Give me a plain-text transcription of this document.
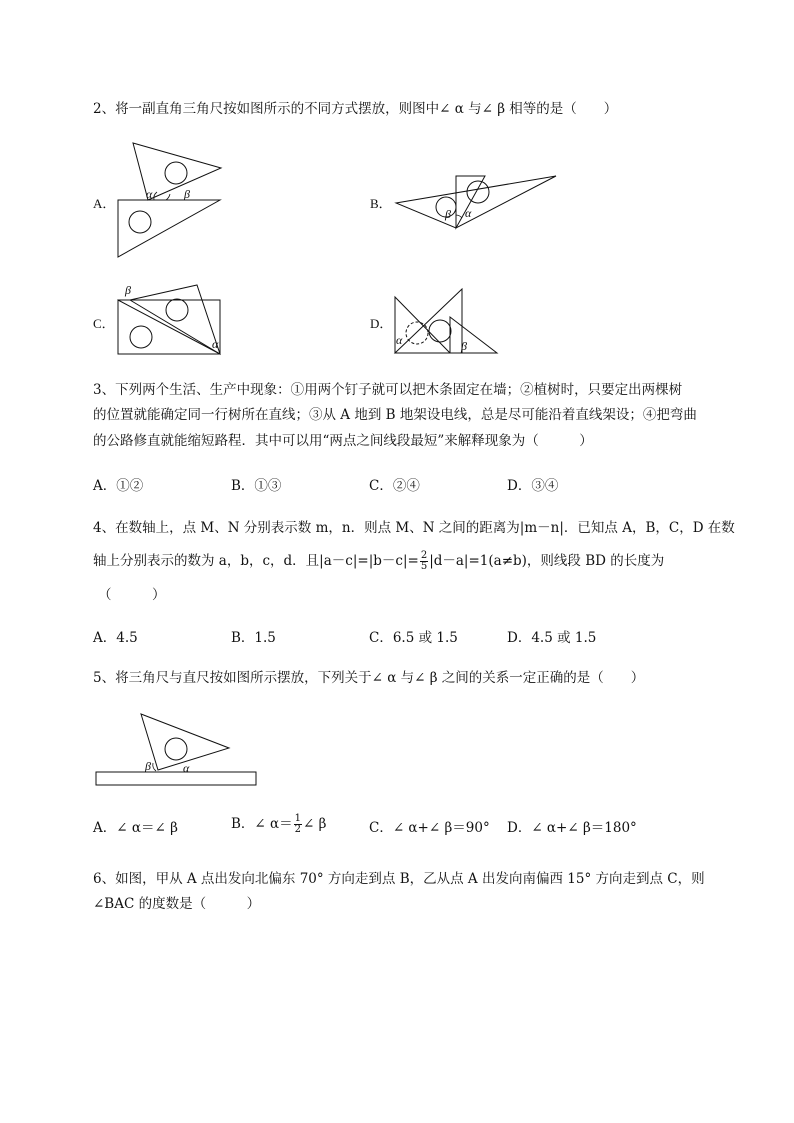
2、将一副直角三角尺按如图所示的不同方式摆放，则图中∠ α 与∠ β 相等的是（　　）
A．
α	β
B．
β α
C．
β
α
D．
α	β
3、下列两个生活、生产中现象：①用两个钉子就可以把木条固定在墙；②植树时，只要定出两棵树
的位置就能确定同一行树所在直线；③从 A 地到 B 地架设电线，总是尽可能沿着直线架设；④把弯曲
的公路修直就能缩短路程．其中可以用“两点之间线段最短”来解释现象为（　　　）
A．①②	B．①③	C．②④	D．③④
4、在数轴上，点 M、N 分别表示数 m，n．则点 M、N 之间的距离为|m－n|．已知点 A，B，C，D 在数
轴上分别表示的数为 a，b，c，d．且$|a-c|=|b-c|= \frac{2}{5} |d-a|=1(a\ne b)$，则线段 BD 的长度为
（　　　）
A．4.5	B．1.5	C．6.5 或 1.5	D．4.5 或 1.5
5、将三角尺与直尺按如图所示摆放，下列关于∠ α 与∠ β 之间的关系一定正确的是（　　）
β	α
A．∠ α＝∠ β	B．∠ $\alpha= \frac{1}{2}$ ∠ β	C．∠ α+∠ β＝90° D．∠ α+∠ β＝180°
6、如图，甲从 A 点出发向北偏东 70° 方向走到点 B，乙从点 A 出发向南偏西 15° 方向走到点 C，则
∠BAC 的度数是（　　　）
